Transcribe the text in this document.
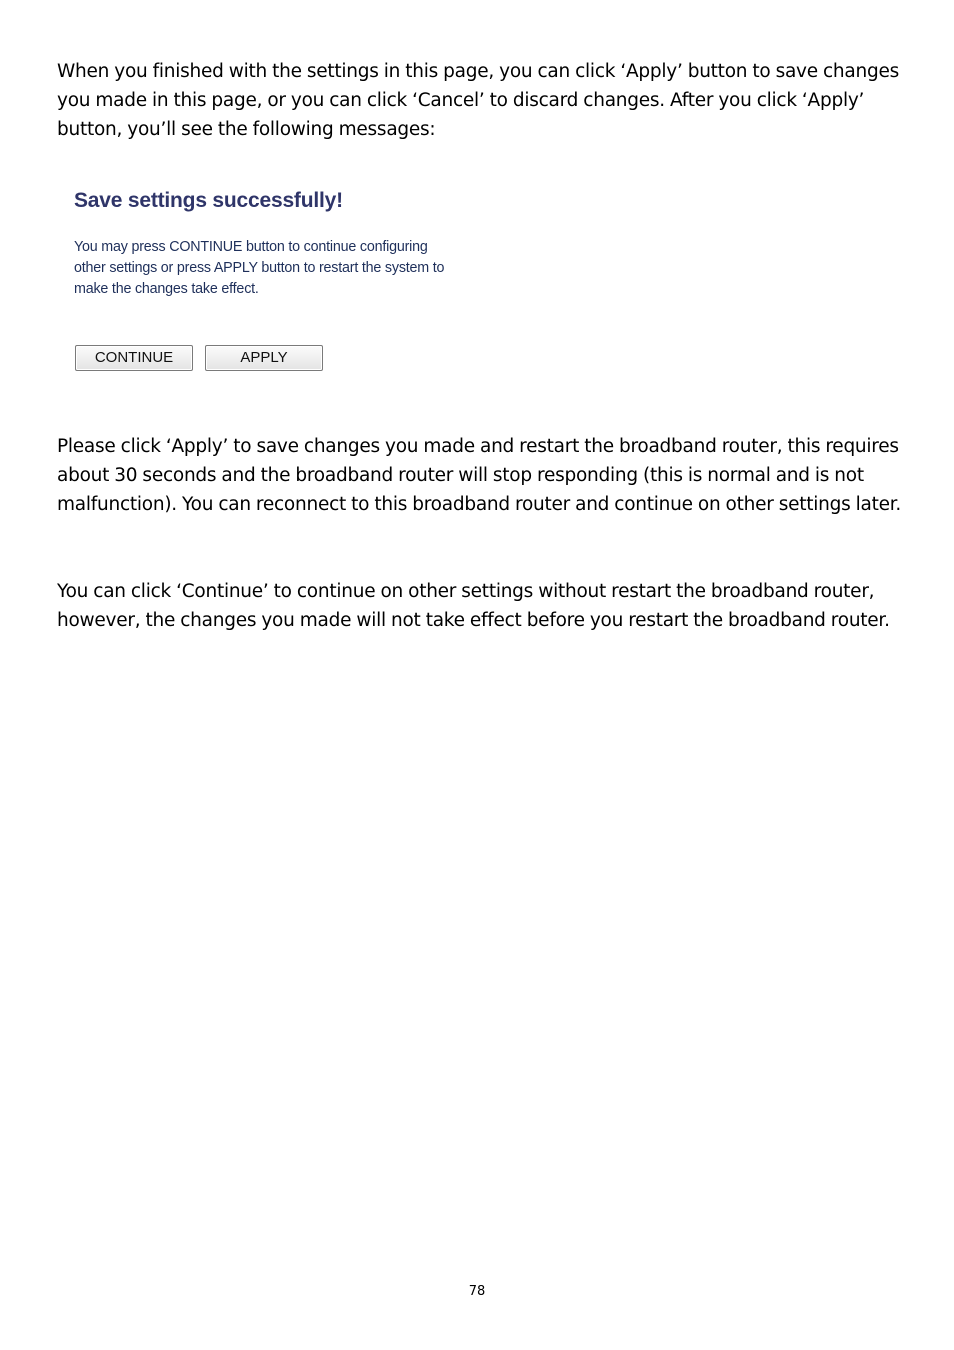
When you finished with the settings in this page, you can click ‘Apply’ button to save changes you made in this page, or you can click ‘Cancel’ to discard changes. After you click ‘Apply’ button, you’ll see the following messages:

Save settings successfully!

You may press CONTINUE button to continue configuring other settings or press APPLY button to restart the system to make the changes take effect.

CONTINUE	APPLY

Please click ‘Apply’ to save changes you made and restart the broadband router, this requires about 30 seconds and the broadband router will stop responding (this is normal and is not malfunction). You can reconnect to this broadband router and continue on other settings later.

You can click ‘Continue’ to continue on other settings without restart the broadband router, however, the changes you made will not take effect before you restart the broadband router.

78
